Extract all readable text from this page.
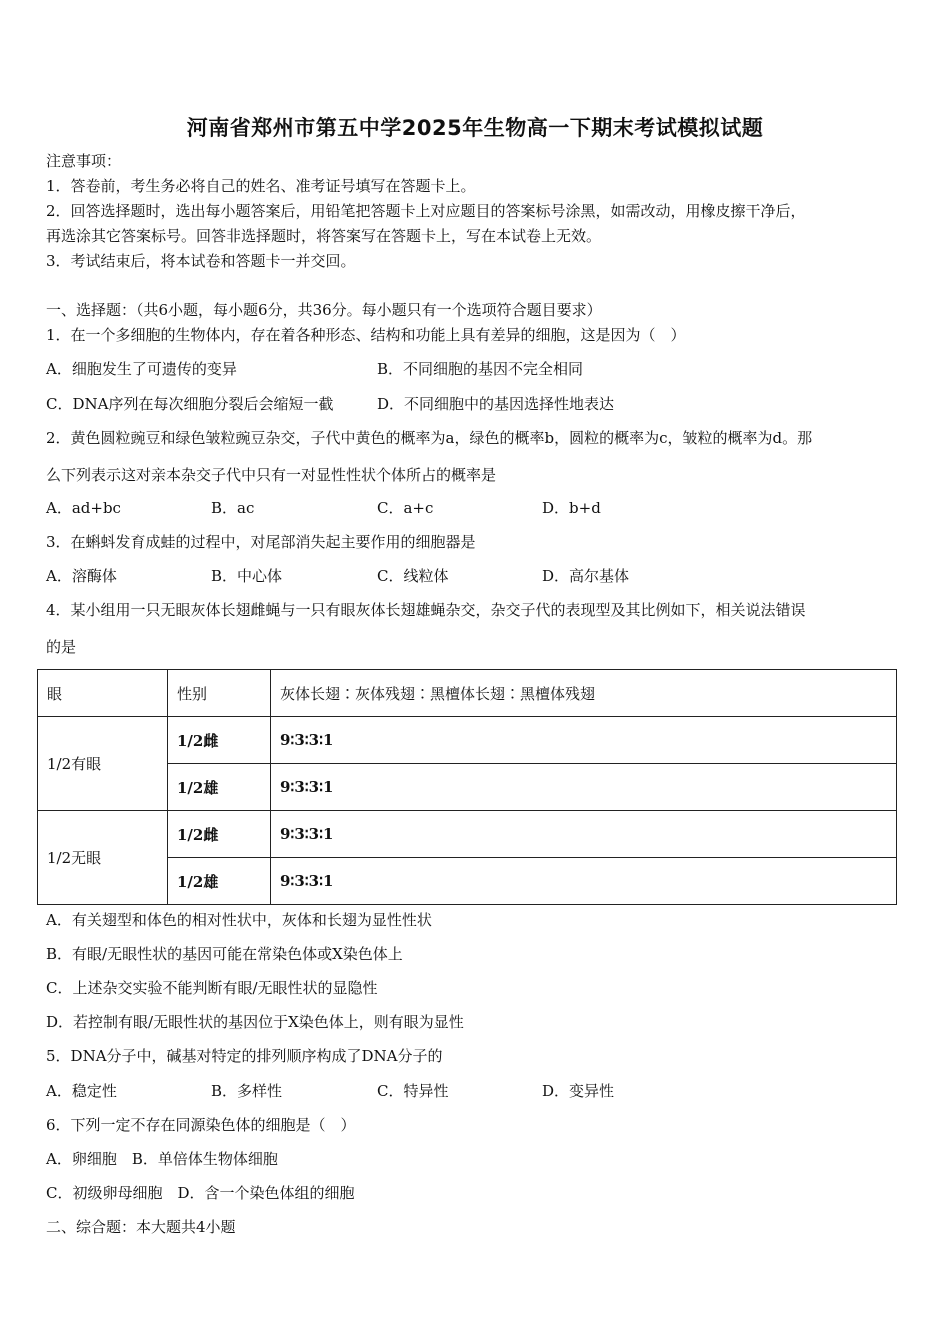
河南省郑州市第五中学2025年生物高一下期末考试模拟试题
注意事项：
1．答卷前，考生务必将自己的姓名、准考证号填写在答题卡上。
2．回答选择题时，选出每小题答案后，用铅笔把答题卡上对应题目的答案标号涂黑，如需改动，用橡皮擦干净后，
再选涂其它答案标号。回答非选择题时，将答案写在答题卡上，写在本试卷上无效。
3．考试结束后，将本试卷和答题卡一并交回。
一、选择题：（共6小题，每小题6分，共36分。每小题只有一个选项符合题目要求）
1．在一个多细胞的生物体内，存在着各种形态、结构和功能上具有差异的细胞，这是因为（　）
A．细胞发生了可遗传的变异	B．不同细胞的基因不完全相同
C．DNA序列在每次细胞分裂后会缩短一截	D．不同细胞中的基因选择性地表达
2．黄色圆粒豌豆和绿色皱粒豌豆杂交，子代中黄色的概率为a，绿色的概率b，圆粒的概率为c，皱粒的概率为d。那
么下列表示这对亲本杂交子代中只有一对显性性状个体所占的概率是
A．ad+bc	B．ac	C．a+c	D．b+d
3．在蝌蚪发育成蛙的过程中，对尾部消失起主要作用的细胞器是
A．溶酶体	B．中心体	C．线粒体	D．高尔基体
4．某小组用一只无眼灰体长翅雌蝇与一只有眼灰体长翅雄蝇杂交，杂交子代的表现型及其比例如下，相关说法错误
的是
眼	性别	灰体长翅∶灰体残翅∶黑檀体长翅∶黑檀体残翅
1/2有眼	1/2雌	9∶3∶3∶1
	1/2雄	9∶3∶3∶1
1/2无眼	1/2雌	9∶3∶3∶1
	1/2雄	9∶3∶3∶1
A．有关翅型和体色的相对性状中，灰体和长翅为显性性状
B．有眼/无眼性状的基因可能在常染色体或X染色体上
C．上述杂交实验不能判断有眼/无眼性状的显隐性
D．若控制有眼/无眼性状的基因位于X染色体上，则有眼为显性
5．DNA分子中，碱基对特定的排列顺序构成了DNA分子的
A．稳定性	B．多样性	C．特异性	D．变异性
6．下列一定不存在同源染色体的细胞是（　）
A．卵细胞　B．单倍体生物体细胞
C．初级卵母细胞　D．含一个染色体组的细胞
二、综合题：本大题共4小题
